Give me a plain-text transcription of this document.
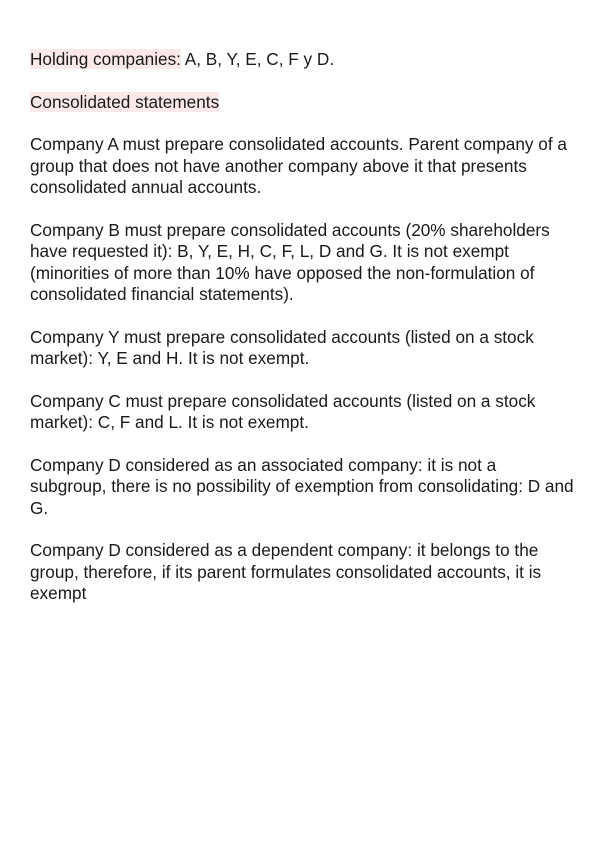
Holding companies: A, B, Y, E, C, F y D.

Consolidated statements

Company A must prepare consolidated accounts. Parent company of a group that does not have another company above it that presents consolidated annual accounts.

Company B must prepare consolidated accounts (20% shareholders have requested it): B, Y, E, H, C, F, L, D and G. It is not exempt (minorities of more than 10% have opposed the non-formulation of consolidated financial statements).

Company Y must prepare consolidated accounts (listed on a stock market): Y, E and H. It is not exempt.

Company C must prepare consolidated accounts (listed on a stock market): C, F and L. It is not exempt.

Company D considered as an associated company: it is not a subgroup, there is no possibility of exemption from consolidating: D and G.

Company D considered as a dependent company: it belongs to the group, therefore, if its parent formulates consolidated accounts, it is exempt
